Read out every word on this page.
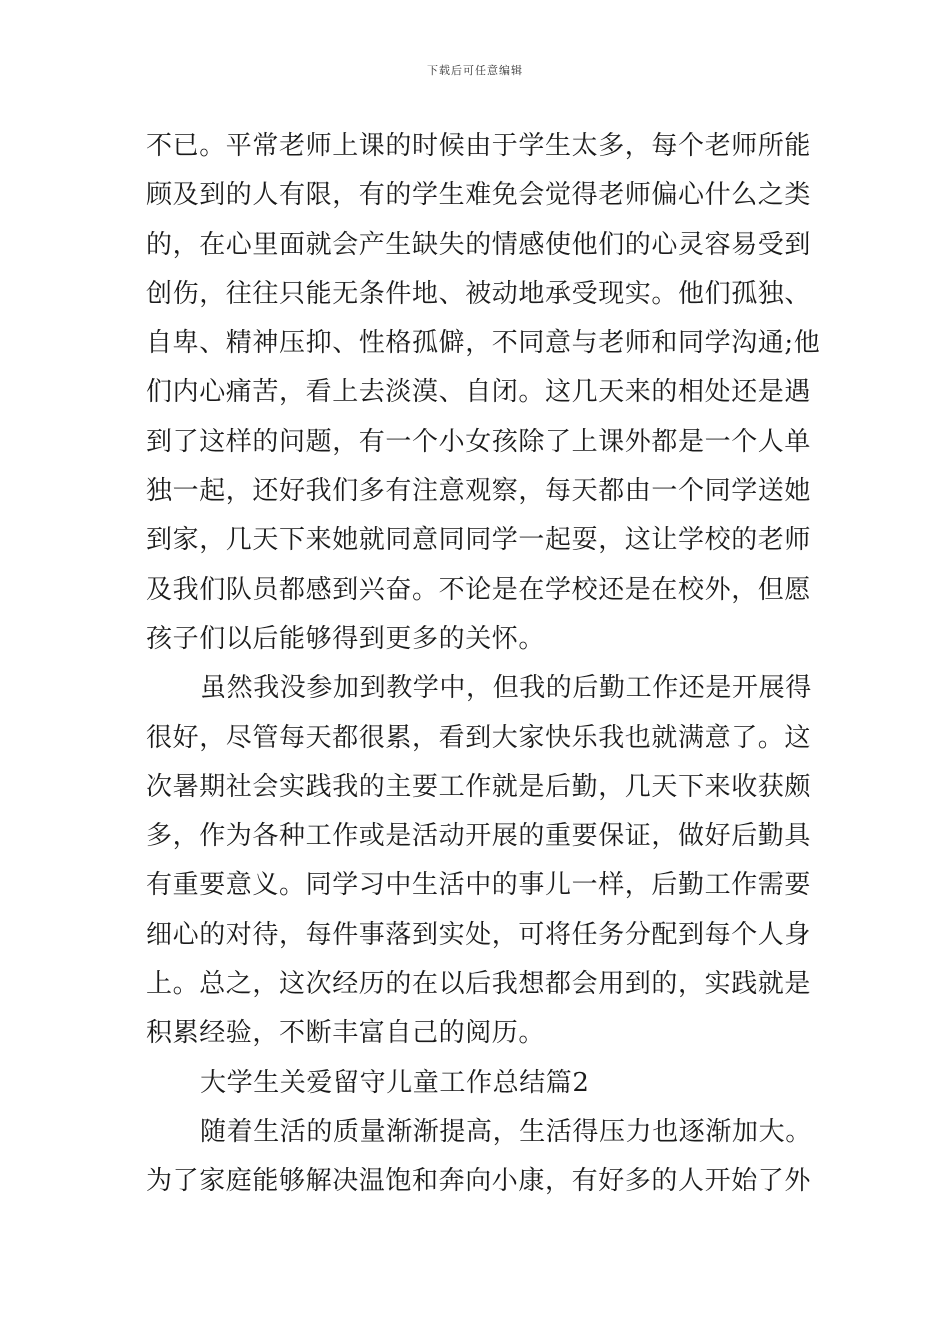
下载后可任意编辑
不已。平常老师上课的时候由于学生太多，每个老师所能
顾及到的人有限，有的学生难免会觉得老师偏心什么之类
的，在心里面就会产生缺失的情感使他们的心灵容易受到
创伤，往往只能无条件地、被动地承受现实。他们孤独、
自卑、精神压抑、性格孤僻，不同意与老师和同学沟通;他
们内心痛苦，看上去淡漠、自闭。这几天来的相处还是遇
到了这样的问题，有一个小女孩除了上课外都是一个人单
独一起，还好我们多有注意观察，每天都由一个同学送她
到家，几天下来她就同意同同学一起耍，这让学校的老师
及我们队员都感到兴奋。不论是在学校还是在校外，但愿
孩子们以后能够得到更多的关怀。
虽然我没参加到教学中，但我的后勤工作还是开展得
很好，尽管每天都很累，看到大家快乐我也就满意了。这
次暑期社会实践我的主要工作就是后勤，几天下来收获颇
多，作为各种工作或是活动开展的重要保证，做好后勤具
有重要意义。同学习中生活中的事儿一样，后勤工作需要
细心的对待，每件事落到实处，可将任务分配到每个人身
上。总之，这次经历的在以后我想都会用到的，实践就是
积累经验，不断丰富自己的阅历。
大学生关爱留守儿童工作总结篇2
随着生活的质量渐渐提高，生活得压力也逐渐加大。
为了家庭能够解决温饱和奔向小康，有好多的人开始了外
